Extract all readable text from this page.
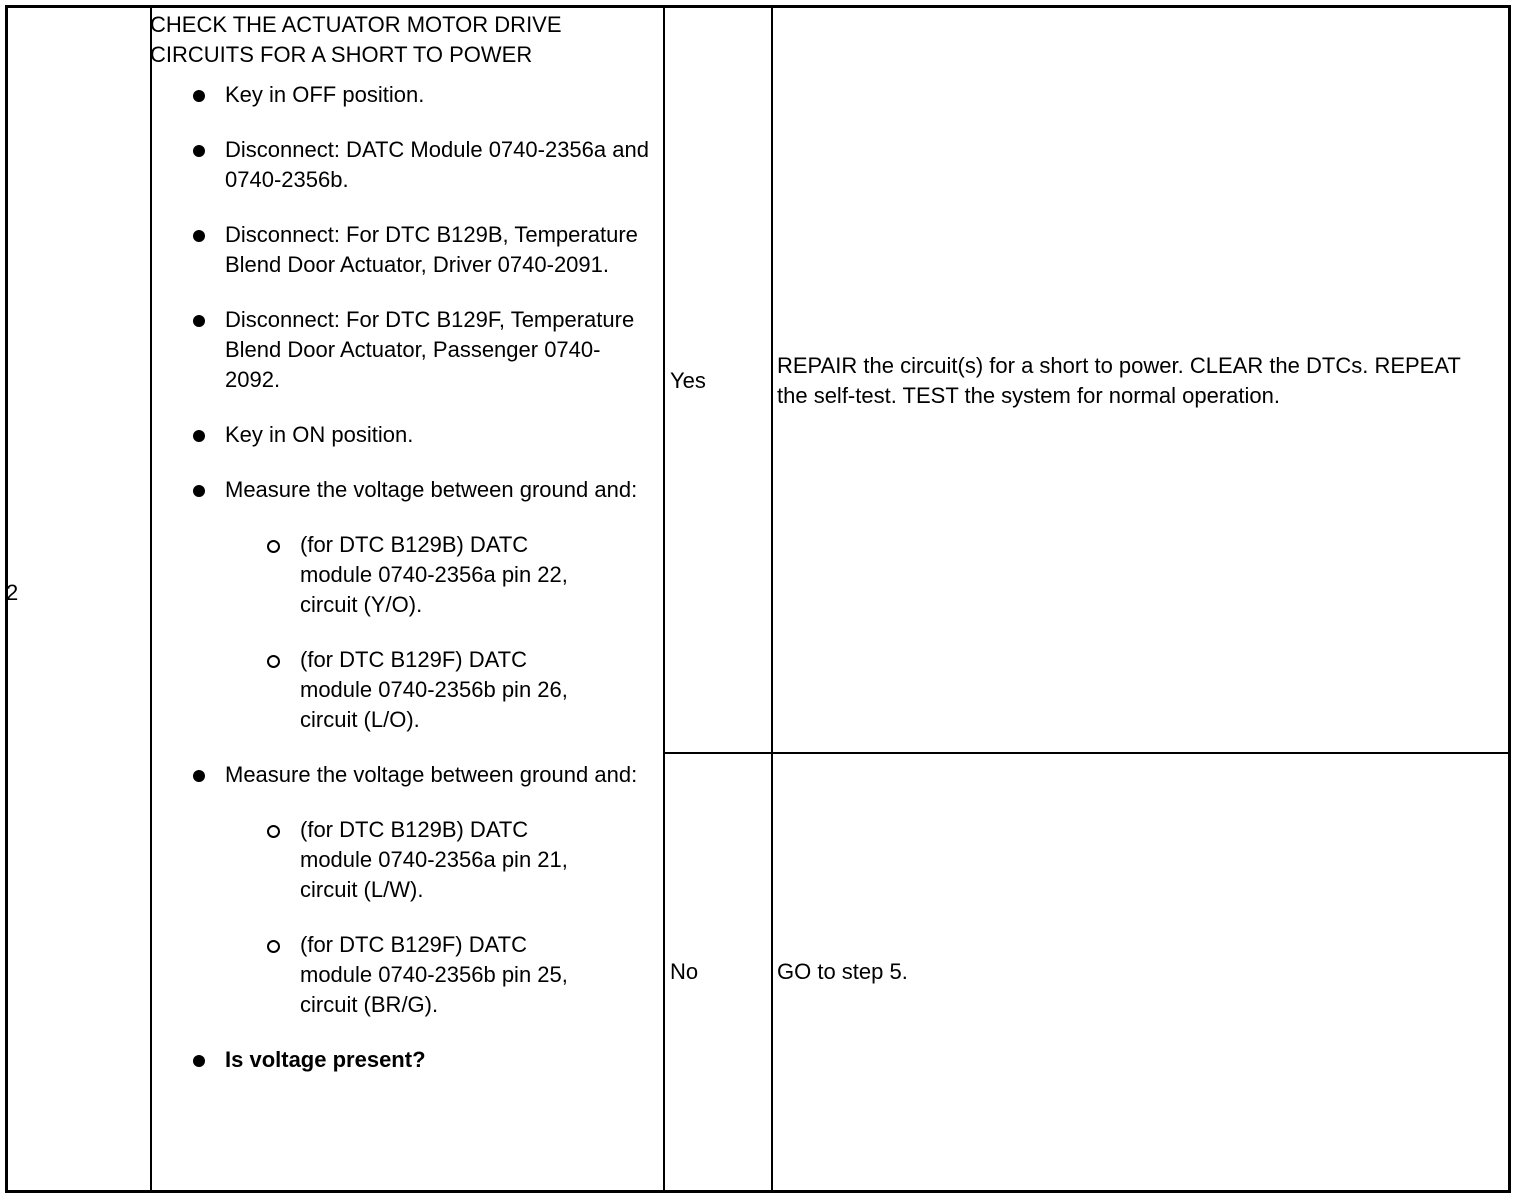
2
CHECK THE ACTUATOR MOTOR DRIVE CIRCUITS FOR A SHORT TO POWER
Key in OFF position.
Disconnect: DATC Module 0740-2356a and 0740-2356b.
Disconnect: For DTC B129B, Temperature Blend Door Actuator, Driver 0740-2091.
Disconnect: For DTC B129F, Temperature Blend Door Actuator, Passenger 0740-2092.
Key in ON position.
Measure the voltage between ground and:
(for DTC B129B) DATC module 0740-2356a pin 22, circuit (Y/O).
(for DTC B129F) DATC module 0740-2356b pin 26, circuit (L/O).
Measure the voltage between ground and:
(for DTC B129B) DATC module 0740-2356a pin 21, circuit (L/W).
(for DTC B129F) DATC module 0740-2356b pin 25, circuit (BR/G).
Is voltage present?
Yes
REPAIR the circuit(s) for a short to power. CLEAR the DTCs. REPEAT the self-test. TEST the system for normal operation.
No	GO to step 5.
